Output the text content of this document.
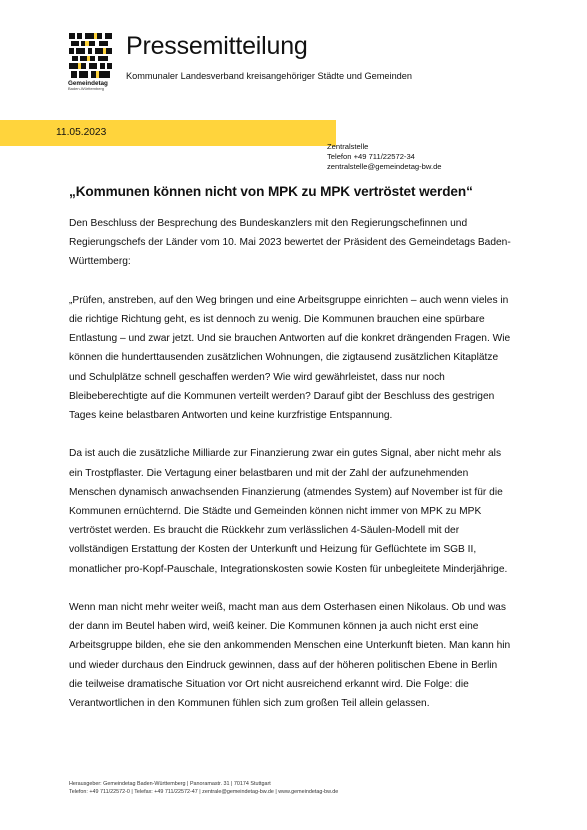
Gemeindetag
Baden-Württemberg
Pressemitteilung
Kommunaler Landesverband kreisangehöriger Städte und Gemeinden
11.05.2023
Zentralstelle
Telefon +49 711/22572-34
zentralstelle@gemeindetag-bw.de
„Kommunen können nicht von MPK zu MPK vertröstet werden“

Den Beschluss der Besprechung des Bundeskanzlers mit den Regierungschefinnen und Regierungschefs der Länder vom 10. Mai 2023 bewertet der Präsident des Gemeindetags Baden-Württemberg:

„Prüfen, anstreben, auf den Weg bringen und eine Arbeitsgruppe einrichten – auch wenn vieles in die richtige Richtung geht, es ist dennoch zu wenig. Die Kommunen brauchen eine spürbare Entlastung – und zwar jetzt. Und sie brauchen Antworten auf die konkret drängenden Fragen. Wie können die hunderttausenden zusätzlichen Wohnungen, die zigtausend zusätzlichen Kitaplätze und Schulplätze schnell geschaffen werden? Wie wird gewährleistet, dass nur noch Bleibeberechtigte auf die Kommunen verteilt werden? Darauf gibt der Beschluss des gestrigen Tages keine belastbaren Antworten und keine kurzfristige Entspannung.

Da ist auch die zusätzliche Milliarde zur Finanzierung zwar ein gutes Signal, aber nicht mehr als ein Trostpflaster. Die Vertagung einer belastbaren und mit der Zahl der aufzunehmenden Menschen dynamisch anwachsenden Finanzierung (atmendes System) auf November ist für die Kommunen ernüchternd. Die Städte und Gemeinden können nicht immer von MPK zu MPK vertröstet werden. Es braucht die Rückkehr zum verlässlichen 4-Säulen-Modell mit der vollständigen Erstattung der Kosten der Unterkunft und Heizung für Geflüchtete im SGB II, monatlicher pro-Kopf-Pauschale, Integrationskosten sowie Kosten für unbegleitete Minderjährige.

Wenn man nicht mehr weiter weiß, macht man aus dem Osterhasen einen Nikolaus. Ob und was der dann im Beutel haben wird, weiß keiner. Die Kommunen können ja auch nicht erst eine Arbeitsgruppe bilden, ehe sie den ankommenden Menschen eine Unterkunft bieten. Man kann hin und wieder durchaus den Eindruck gewinnen, dass auf der höheren politischen Ebene in Berlin die teilweise dramatische Situation vor Ort nicht ausreichend erkannt wird. Die Folge: die Verantwortlichen in den Kommunen fühlen sich zum großen Teil allein gelassen.

Herausgeber: Gemeindetag Baden-Württemberg | Panoramastr. 31 | 70174 Stuttgart
Telefon: +49 711/22572-0 | Telefax: +49 711/22572-47 | zentrale@gemeindetag-bw.de | www.gemeindetag-bw.de
